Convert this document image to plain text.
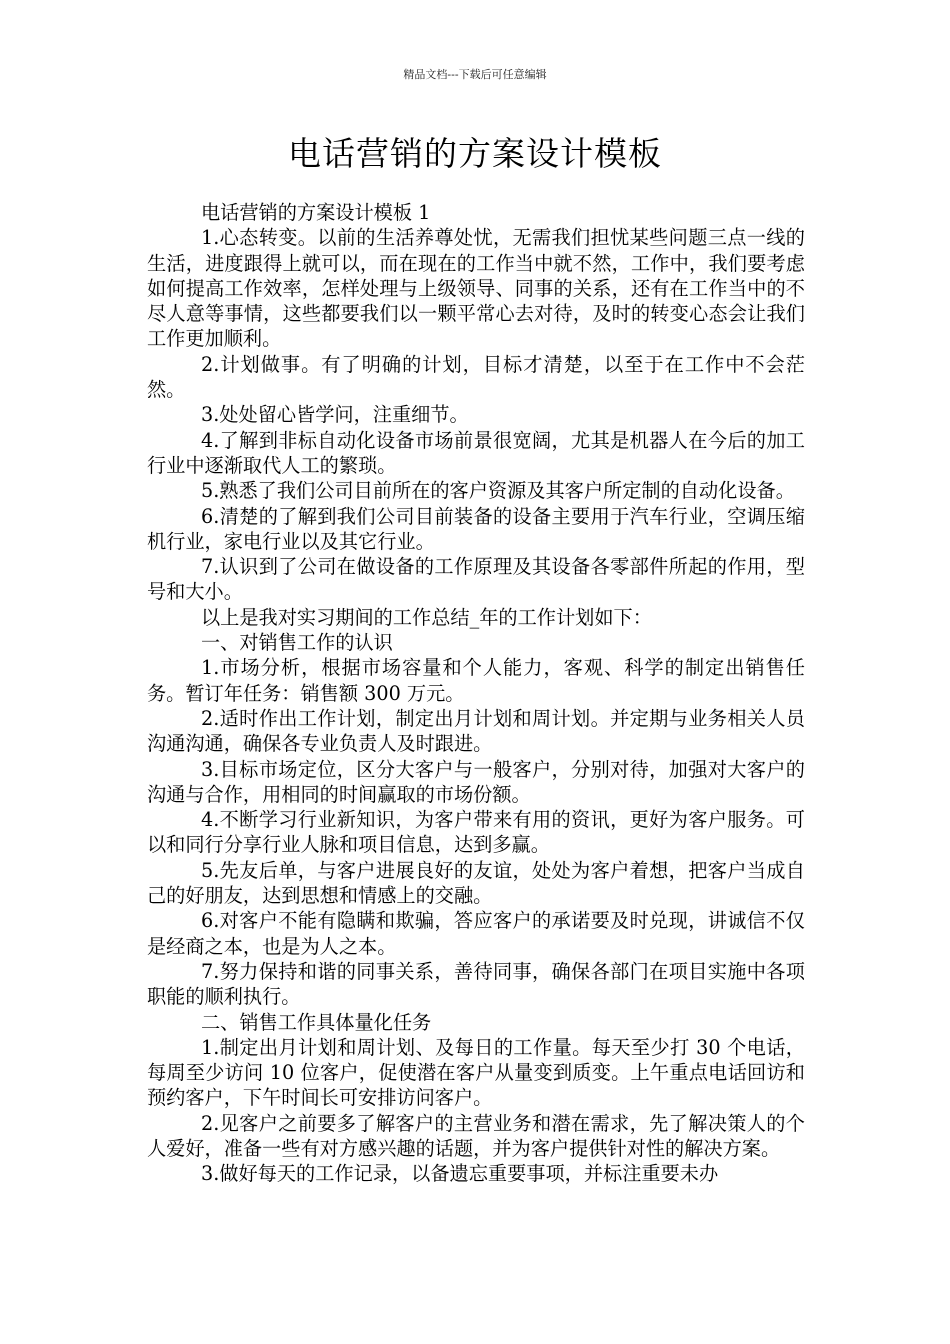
精品文档---下载后可任意编辑
电话营销的方案设计模板

电话营销的方案设计模板 1

1.心态转变。以前的生活养尊处忧，无需我们担忧某些问题三点一线的生活，进度跟得上就可以，而在现在的工作当中就不然，工作中，我们要考虑如何提高工作效率，怎样处理与上级领导、同事的关系，还有在工作当中的不尽人意等事情，这些都要我们以一颗平常心去对待，及时的转变心态会让我们工作更加顺利。

2.计划做事。有了明确的计划，目标才清楚，以至于在工作中不会茫然。

3.处处留心皆学问，注重细节。

4.了解到非标自动化设备市场前景很宽阔，尤其是机器人在今后的加工行业中逐渐取代人工的繁琐。

5.熟悉了我们公司目前所在的客户资源及其客户所定制的自动化设备。

6.清楚的了解到我们公司目前装备的设备主要用于汽车行业，空调压缩机行业，家电行业以及其它行业。

7.认识到了公司在做设备的工作原理及其设备各零部件所起的作用，型号和大小。

以上是我对实习期间的工作总结_年的工作计划如下：

一、对销售工作的认识

1.市场分析，根据市场容量和个人能力，客观、科学的制定出销售任务。暂订年任务：销售额 300 万元。

2.适时作出工作计划，制定出月计划和周计划。并定期与业务相关人员沟通沟通，确保各专业负责人及时跟进。

3.目标市场定位，区分大客户与一般客户，分别对待，加强对大客户的沟通与合作，用相同的时间赢取的市场份额。

4.不断学习行业新知识，为客户带来有用的资讯，更好为客户服务。可以和同行分享行业人脉和项目信息，达到多赢。

5.先友后单，与客户进展良好的友谊，处处为客户着想，把客户当成自己的好朋友，达到思想和情感上的交融。

6.对客户不能有隐瞒和欺骗，答应客户的承诺要及时兑现，讲诚信不仅是经商之本，也是为人之本。

7.努力保持和谐的同事关系，善待同事，确保各部门在项目实施中各项职能的顺利执行。

二、销售工作具体量化任务

1.制定出月计划和周计划、及每日的工作量。每天至少打 30 个电话，每周至少访问 10 位客户，促使潜在客户从量变到质变。上午重点电话回访和预约客户，下午时间长可安排访问客户。

2.见客户之前要多了解客户的主营业务和潜在需求，先了解决策人的个人爱好，准备一些有对方感兴趣的话题，并为客户提供针对性的解决方案。

3.做好每天的工作记录，以备遗忘重要事项，并标注重要未办
